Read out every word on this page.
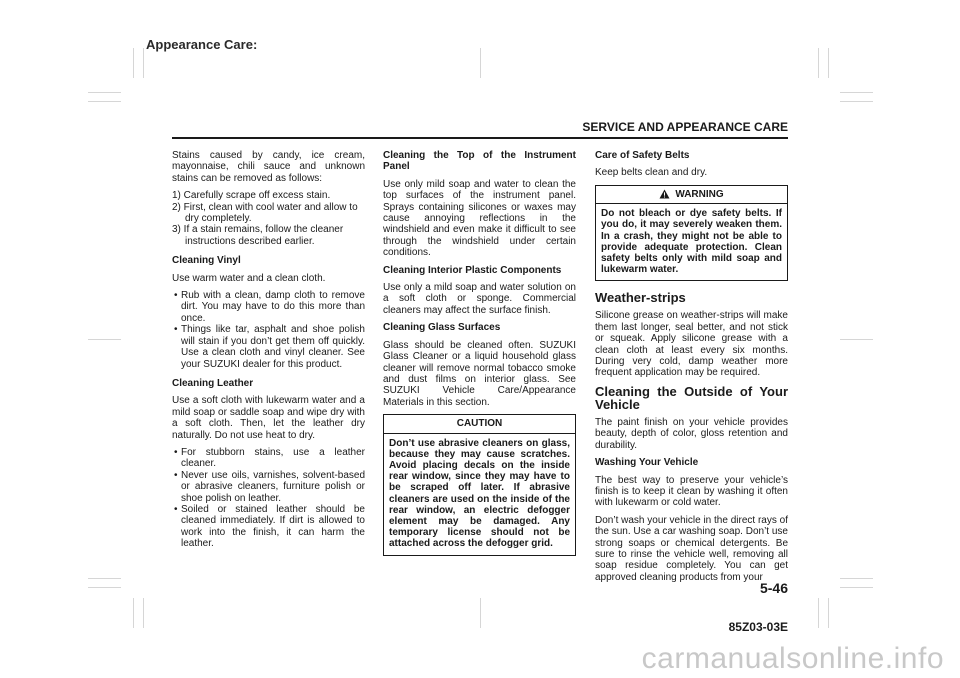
Appearance Care:
SERVICE AND APPEARANCE CARE

Stains caused by candy, ice cream, mayonnaise, chili sauce and unknown stains can be removed as follows:

1) Carefully scrape off excess stain.
2) First, clean with cool water and allow to dry completely.
3) If a stain remains, follow the cleaner instructions described earlier.

Cleaning Vinyl

Use warm water and a clean cloth.

• Rub with a clean, damp cloth to remove dirt. You may have to do this more than once.
• Things like tar, asphalt and shoe polish will stain if you don’t get them off quickly. Use a clean cloth and vinyl cleaner. See your SUZUKI dealer for this product.

Cleaning Leather

Use a soft cloth with lukewarm water and a mild soap or saddle soap and wipe dry with a soft cloth. Then, let the leather dry naturally. Do not use heat to dry.

• For stubborn stains, use a leather cleaner.
• Never use oils, varnishes, solvent-based or abrasive cleaners, furniture polish or shoe polish on leather.
• Soiled or stained leather should be cleaned immediately. If dirt is allowed to work into the finish, it can harm the leather.

Cleaning the Top of the Instrument Panel

Use only mild soap and water to clean the top surfaces of the instrument panel. Sprays containing silicones or waxes may cause annoying reflections in the windshield and even make it difficult to see through the windshield under certain conditions.

Cleaning Interior Plastic Components

Use only a mild soap and water solution on a soft cloth or sponge. Commercial cleaners may affect the surface finish.

Cleaning Glass Surfaces

Glass should be cleaned often. SUZUKI Glass Cleaner or a liquid household glass cleaner will remove normal tobacco smoke and dust films on interior glass. See SUZUKI Vehicle Care/Appearance Materials in this section.

CAUTION
Don’t use abrasive cleaners on glass, because they may cause scratches. Avoid placing decals on the inside rear window, since they may have to be scraped off later. If abrasive cleaners are used on the inside of the rear window, an electric defogger element may be damaged. Any temporary license should not be attached across the defogger grid.

Care of Safety Belts

Keep belts clean and dry.

WARNING
Do not bleach or dye safety belts. If you do, it may severely weaken them. In a crash, they might not be able to provide adequate protection. Clean safety belts only with mild soap and lukewarm water.

Weather-strips

Silicone grease on weather-strips will make them last longer, seal better, and not stick or squeak. Apply silicone grease with a clean cloth at least every six months. During very cold, damp weather more frequent application may be required.

Cleaning the Outside of Your Vehicle

The paint finish on your vehicle provides beauty, depth of color, gloss retention and durability.

Washing Your Vehicle

The best way to preserve your vehicle’s finish is to keep it clean by washing it often with lukewarm or cold water.

Don’t wash your vehicle in the direct rays of the sun. Use a car washing soap. Don’t use strong soaps or chemical detergents. Be sure to rinse the vehicle well, removing all soap residue completely. You can get approved cleaning products from your

5-46
85Z03-03E
carmanualsonline.info
